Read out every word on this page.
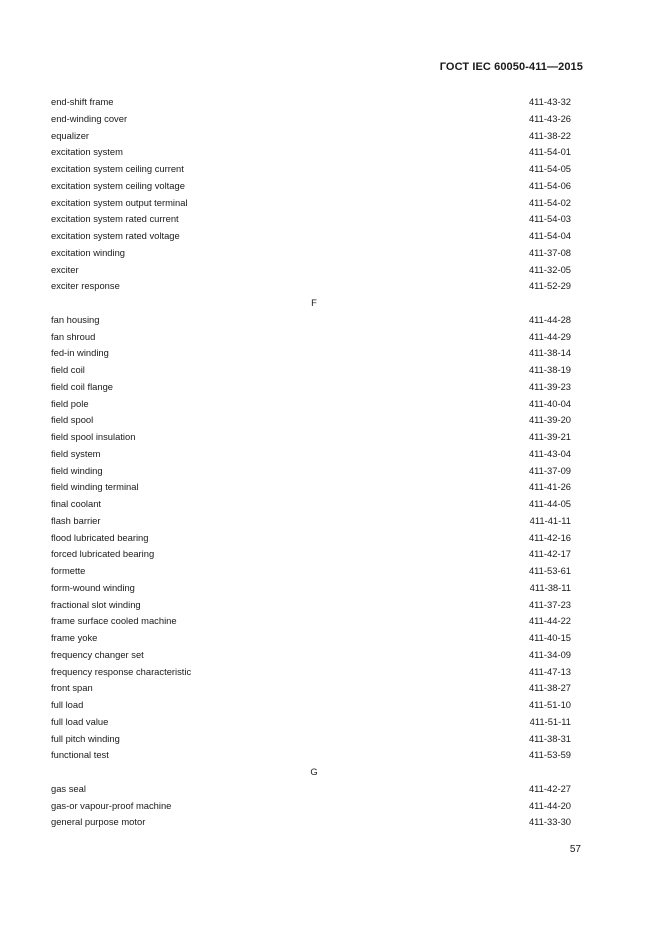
ГОСТ IEC 60050-411—2015
end-shift frame	411-43-32
end-winding cover	411-43-26
equalizer	411-38-22
excitation system	411-54-01
excitation system ceiling current	411-54-05
excitation system ceiling voltage	411-54-06
excitation system output terminal	411-54-02
excitation system rated current	411-54-03
excitation system rated voltage	411-54-04
excitation winding	411-37-08
exciter	411-32-05
exciter response	411-52-29
F
fan housing	411-44-28
fan shroud	411-44-29
fed-in winding	411-38-14
field coil	411-38-19
field coil flange	411-39-23
field pole	411-40-04
field spool	411-39-20
field spool insulation	411-39-21
field system	411-43-04
field winding	411-37-09
field winding terminal	411-41-26
final coolant	411-44-05
flash barrier	411-41-11
flood lubricated bearing	411-42-16
forced lubricated bearing	411-42-17
formette	411-53-61
form-wound winding	411-38-11
fractional slot winding	411-37-23
frame surface cooled machine	411-44-22
frame yoke	411-40-15
frequency changer set	411-34-09
frequency response characteristic	411-47-13
front span	411-38-27
full load	411-51-10
full load value	411-51-11
full pitch winding	411-38-31
functional test	411-53-59
G
gas seal	411-42-27
gas-or vapour-proof machine	411-44-20
general purpose motor	411-33-30
57
